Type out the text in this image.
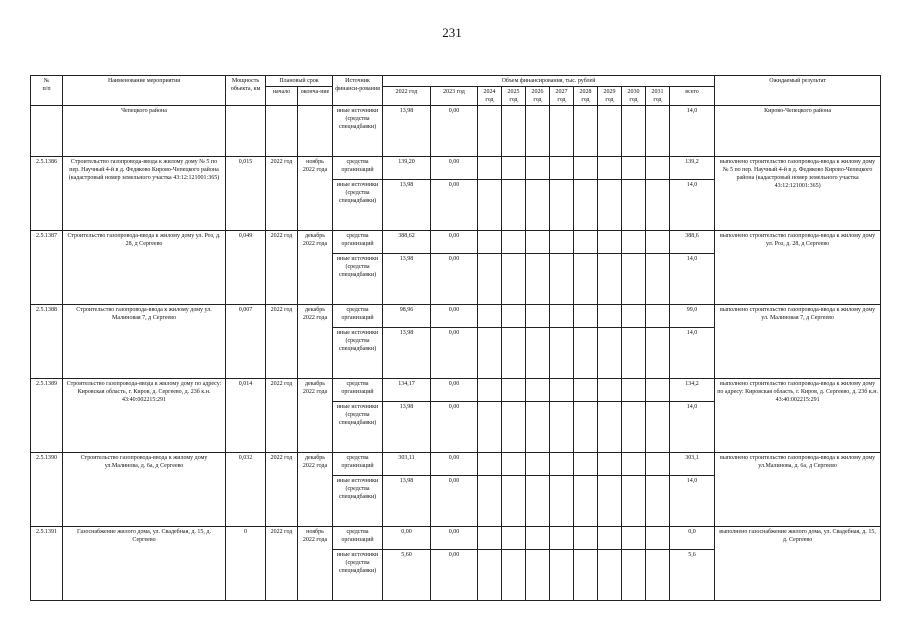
231
№
п/п	Наименование мероприятия	Мощность объекта, км	Плановый срок		Источник финанси-рования	Объем финансирования, тыс. рублей											Ожидаемый результат
			начало	оконча-ние		2022 год	2023 год	2024 год	2025 год	2026 год	2027 год	2028 год	2029 год	2030 год	2031 год	всего	
	Чепецкого района				иные источники (средства спецнадбавки)	13,98	0,00									14,0	Кирово-Чепецкого района
2.5.1386	Строительство газопровода-ввода к жилому дому № 5 по пер. Научный 4-й в д. Федяково Кирово-Чепецкого района (кадастровый номер земельного участка 43:12:121001:365)	0,015	2022 год	ноябрь 2022 года	средства организаций	139,20	0,00									139,2	выполнено строительство газопровода-ввода к жилому дому № 5 по пер. Научный 4-й в д. Федяково Кирово-Чепецкого района (кадастровый номер земельного участка 43:12:121001:365)
					иные источники (средства спецнадбавки)	13,98	0,00									14,0	
2.5.1387	Строительство газопровода-ввода к жилому дому ул. Роз, д. 28, д Сергеево	0,049	2022 год	декабрь 2022 года	средства организаций	388,62	0,00									388,6	выполнено строительство газопровода-ввода к жилому дому ул. Роз, д. 28, д Сергеево
					иные источники (средства спецнадбавки)	13,98	0,00									14,0	
2.5.1388	Строительство газопровода-ввода к жилому дому ул. Малиновая 7, д Сергеево	0,007	2022 год	декабрь 2022 года	средства организаций	98,96	0,00									99,0	выполнено строительство газопровода-ввода к жилому дому ул. Малиновая 7, д Сергеево
					иные источники (средства спецнадбавки)	13,98	0,00									14,0	
2.5.1389	Строительство газопровода-ввода к жилому дому по адресу: Кировская область, г. Киров, д. Сергеево, д. 23б к.н. 43:40:002215:291	0,014	2022 год	декабрь 2022 года	средства организаций	134,17	0,00									134,2	выполнено строительство газопровода-ввода к жилому дому по адресу: Кировская область, г. Киров, д. Сергеево, д. 23б к.н. 43:40:002215:291
					иные источники (средства спецнадбавки)	13,98	0,00									14,0	
2.5.1390	Строительство газопровода-ввода к жилому дому ул.Малинова, д. 6а, д Сергеево	0,032	2022 год	декабрь 2022 года	средства организаций	303,11	0,00									303,1	выполнено строительство газопровода-ввода к жилому дому ул.Малинова, д. 6а, д Сергеево
					иные источники (средства спецнадбавки)	13,98	0,00									14,0	
2.5.1391	Газоснабжение жилого дома, ул. Свадебная, д. 15, д. Сергеево	0	2022 год	ноябрь 2022 года	средства организаций	0,00	0,00									0,0	выполнено газоснабжение жилого дома, ул. Свадебная, д. 15, д. Сергеево
					иные источники (средства спецнадбавки)	5,60	0,00									5,6	
